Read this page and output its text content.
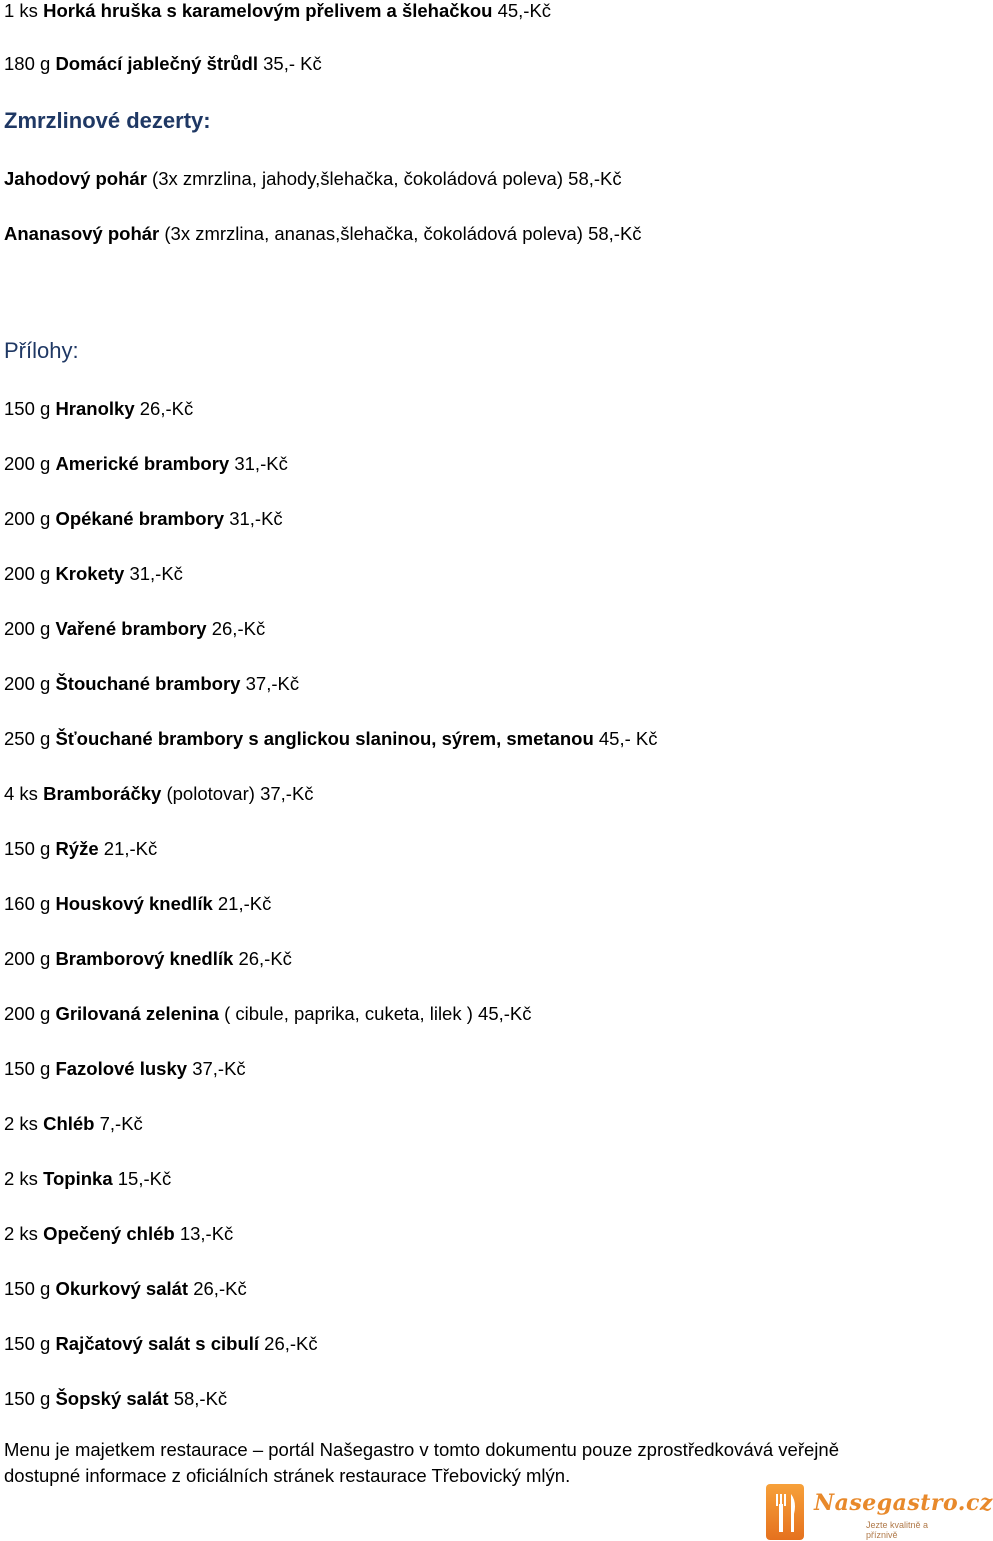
1 ks Horká hruška s karamelovým přelivem a šlehačkou 45,-Kč

180 g Domácí jablečný štrůdl 35,- Kč

Zmrzlinové dezerty:

Jahodový pohár (3x zmrzlina, jahody,šlehačka, čokoládová poleva) 58,-Kč

Ananasový pohár (3x zmrzlina, ananas,šlehačka, čokoládová poleva) 58,-Kč

Přílohy:

150 g Hranolky 26,-Kč

200 g Americké brambory 31,-Kč

200 g Opékané brambory 31,-Kč

200 g Krokety 31,-Kč

200 g Vařené brambory 26,-Kč

200 g Štouchané brambory 37,-Kč

250 g Šťouchané brambory s anglickou slaninou, sýrem, smetanou 45,- Kč

4 ks Bramboráčky (polotovar) 37,-Kč

150 g Rýže 21,-Kč

160 g Houskový knedlík 21,-Kč

200 g Bramborový knedlík 26,-Kč

200 g Grilovaná zelenina ( cibule, paprika, cuketa, lilek ) 45,-Kč

150 g Fazolové lusky 37,-Kč

2 ks Chléb 7,-Kč

2 ks Topinka 15,-Kč

2 ks Opečený chléb 13,-Kč

150 g Okurkový salát 26,-Kč

150 g Rajčatový salát s cibulí 26,-Kč

150 g Šopský salát 58,-Kč

Menu je majetkem restaurace – portál Našegastro v tomto dokumentu pouze zprostředkovává veřejně dostupné informace z oficiálních stránek restaurace Třebovický mlýn.

Nasegastro.cz
Jezte kvalitně a příznivě
